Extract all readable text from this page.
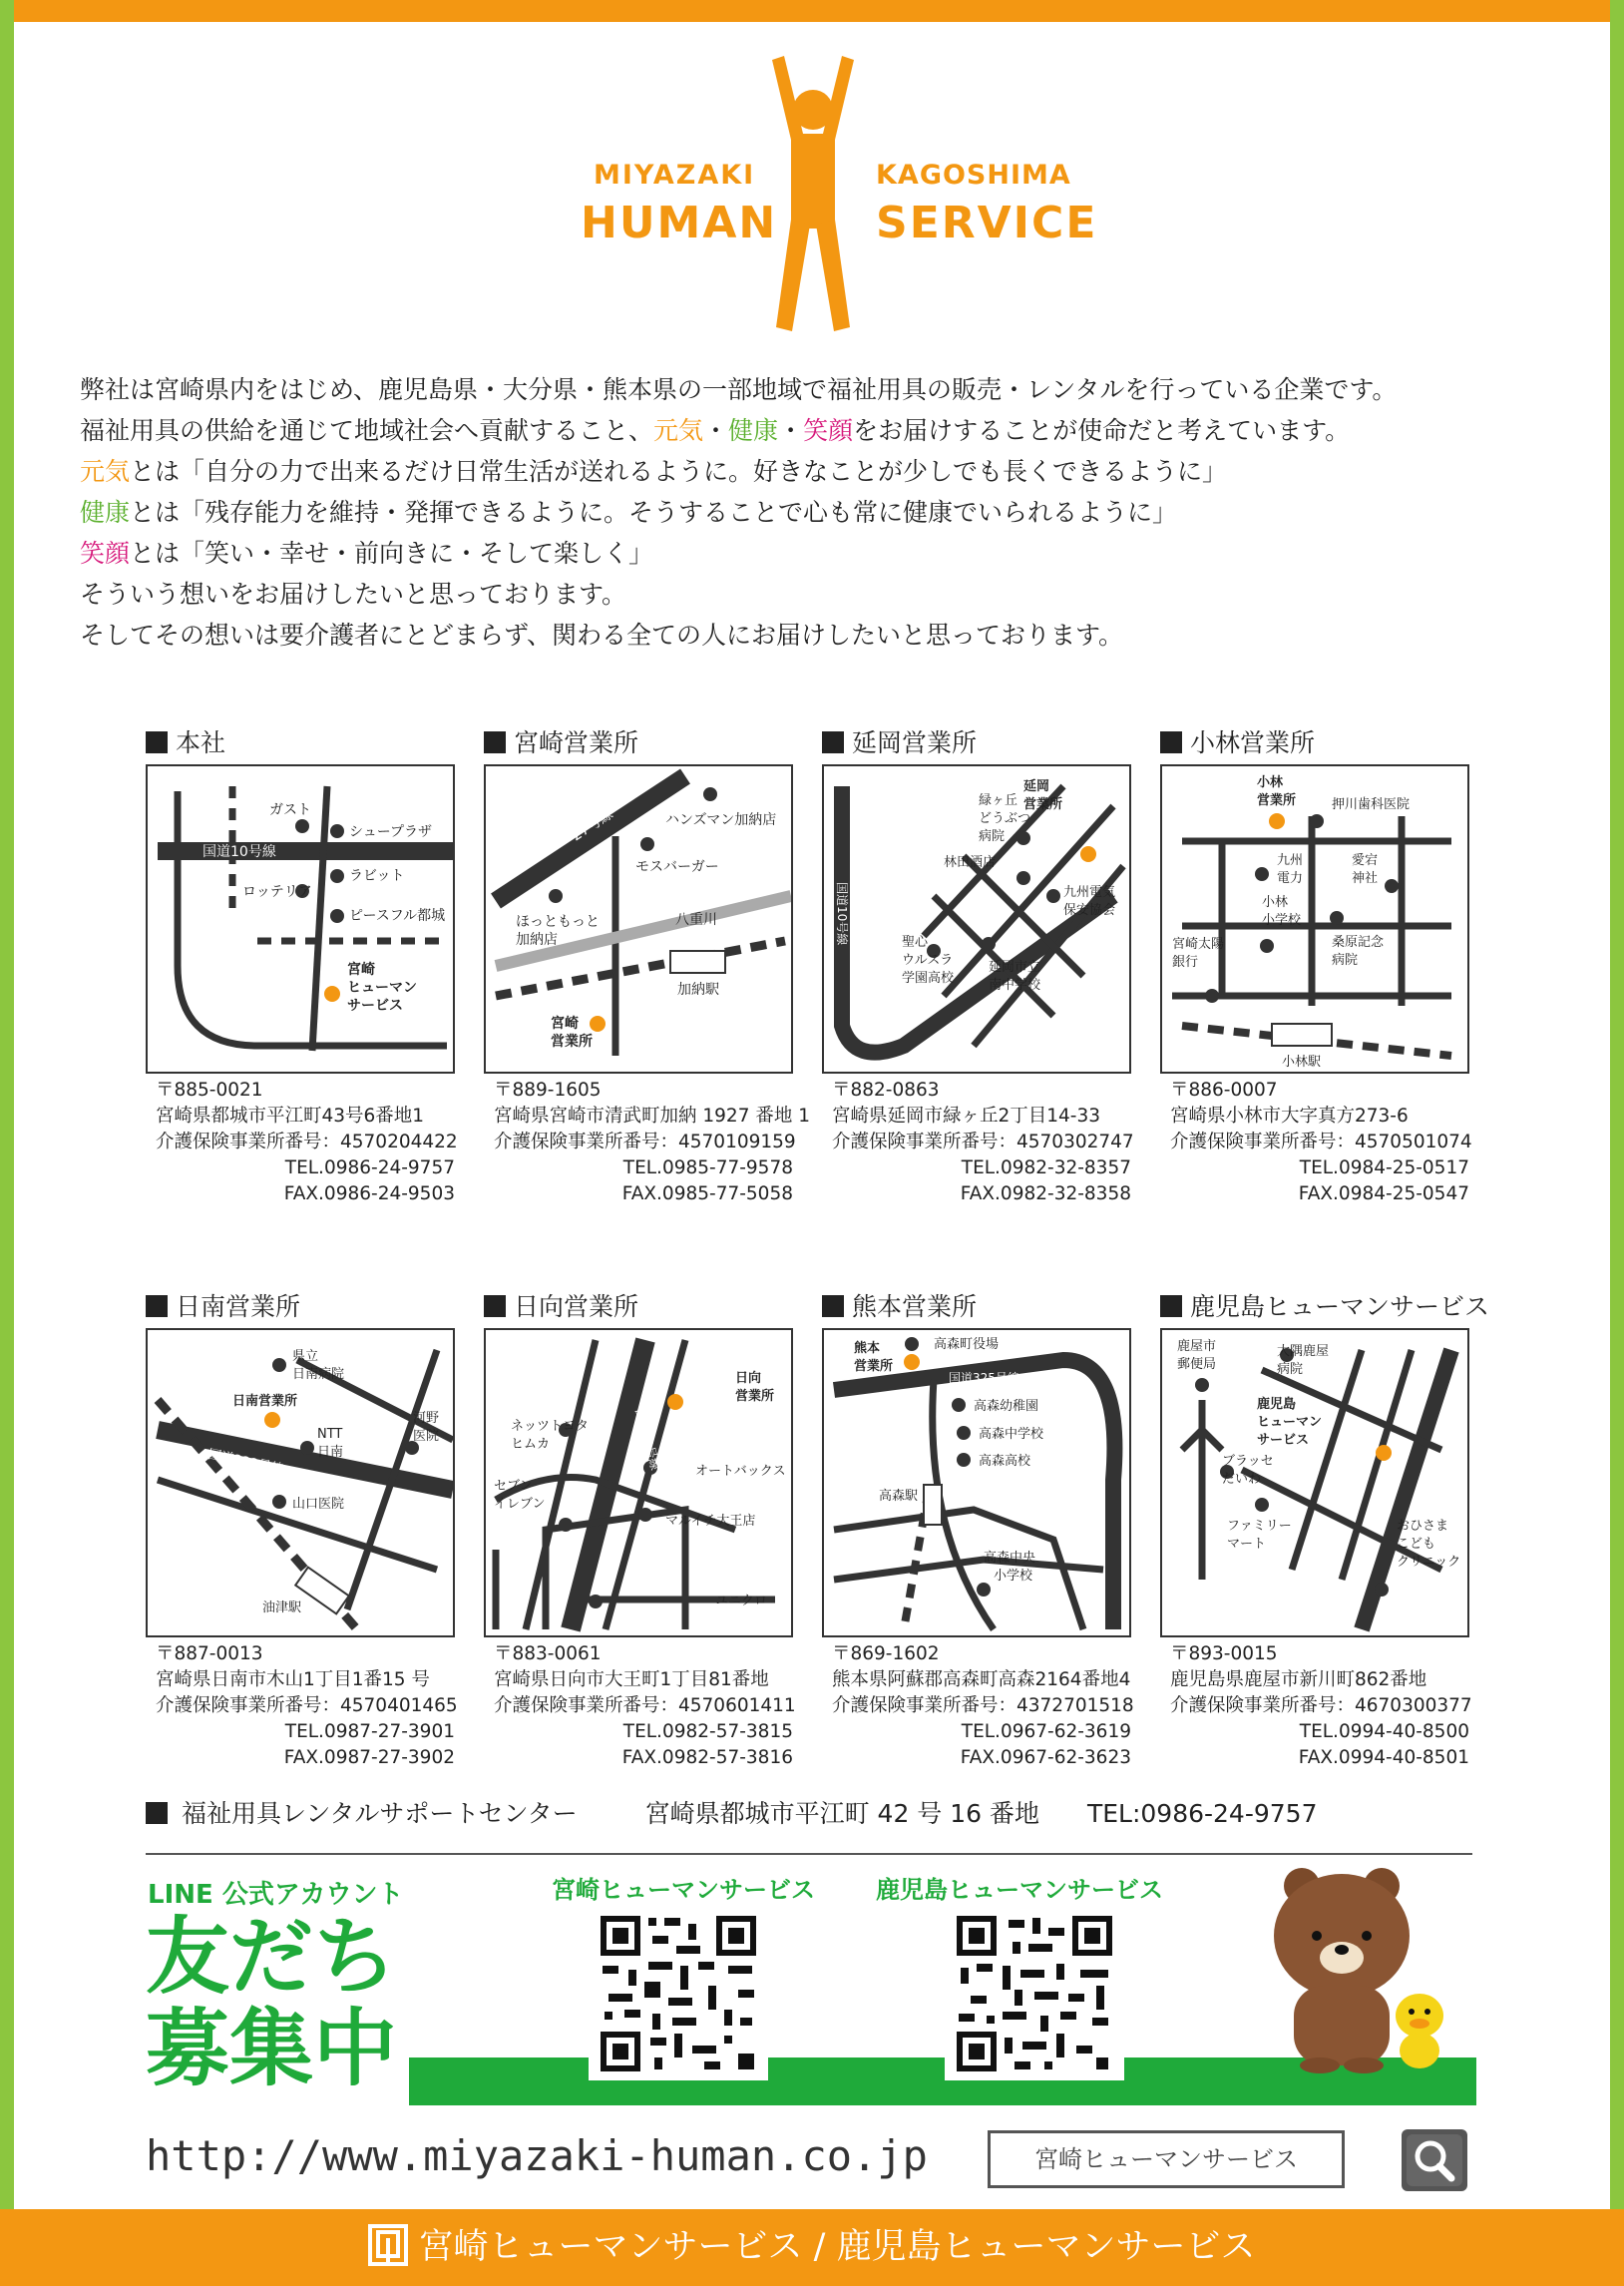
MIYAZAKI
HUMAN
KAGOSHIMA
SERVICE

弊社は宮崎県内をはじめ、鹿児島県・大分県・熊本県の一部地域で福祉用具の販売・レンタルを行っている企業です。

福祉用具の供給を通じて地域社会へ貢献すること、元気・健康・笑顔をお届けすることが使命だと考えています。

元気とは「自分の力で出来るだけ日常生活が送れるように。好きなことが少しでも長くできるように」

健康とは「残存能力を維持・発揮できるように。そうすることで心も常に健康でいられるように」

笑顔とは「笑い・幸せ・前向きに・そして楽しく」

そういう想いをお届けしたいと思っております。

そしてその想いは要介護者にとどまらず、関わる全ての人にお届けしたいと思っております。

本社
ガスト
シュープラザ
国道10号線
ラビット
ロッテリア
ピースフル都城
宮崎
ヒューマン
サービス
〒885-0021
宮崎県都城市平江町43号6番地1
介護保険事業所番号：4570204422
TEL.0986-24-9757
FAX.0986-24-9503
宮崎営業所
ハンズマン加納店
27号線
モスバーガー
ほっともっと
加納店
八重川
加納駅
宮崎
営業所
〒889-1605
宮崎県宮崎市清武町加納 1927 番地 1
介護保険事業所番号：4570109159
TEL.0985-77-9578
FAX.0985-77-5058
延岡営業所
緑ヶ丘
どうぶつ
病院
林田酒店
国道10号線	九州電気
保安協会
聖心
ウルスラ
学園高校
延岡市立
南中学校
延岡
営業所
〒882-0863
宮崎県延岡市緑ヶ丘2丁目14-33
介護保険事業所番号：4570302747
TEL.0982-32-8357
FAX.0982-32-8358
小林営業所
押川歯科医院
九州
電力
愛宕
神社
小林
小学校
宮崎太陽
銀行
桑原記念
病院
小林駅
小林
営業所
〒886-0007
宮崎県小林市大字真方273-6
介護保険事業所番号：4570501074
TEL.0984-25-0517
FAX.0984-25-0547
日南営業所
県立
日南病院
河野
医院
NTT
日南
国道222号線
山口医院
油津駅
日南営業所
〒887-0013
宮崎県日南市木山1丁目1番15 号
介護保険事業所番号：4570401465
TEL.0987-27-3901
FAX.0987-27-3902
日向営業所
ネッツトヨタ
ヒムカ	国道10号線	オートバックス
セブン
イレブン
マルイチ大王店
ユニクロ
日向
営業所
〒883-0061
宮崎県日向市大王町1丁目81番地
介護保険事業所番号：4570601411
TEL.0982-57-3815
FAX.0982-57-3816
熊本営業所
高森町役場
国道325号線
高森幼稚園
高森中学校
高森高校
高森駅
高森中央
小学校
熊本
営業所
〒869-1602
熊本県阿蘇郡高森町高森2164番地4
介護保険事業所番号：4372701518
TEL.0967-62-3619
FAX.0967-62-3623
鹿児島ヒューマンサービス
鹿屋市
郵便局
大隅鹿屋
病院
ブラッセ
だいわ
ファミリー
マート
おひさま
こども
クリニック
鹿児島
ヒューマン
サービス
〒893-0015
鹿児島県鹿屋市新川町862番地
介護保険事業所番号：4670300377
TEL.0994-40-8500
FAX.0994-40-8501
福祉用具レンタルサポートセンター	宮崎県都城市平江町 42 号 16 番地 TEL:0986-24-9757
LINE 公式アカウント
友だち
募集中
宮崎ヒューマンサービス	鹿児島ヒューマンサービス
http://www.miyazaki-human.co.jp	宮崎ヒューマンサービス
宮崎ヒューマンサービス / 鹿児島ヒューマンサービス
